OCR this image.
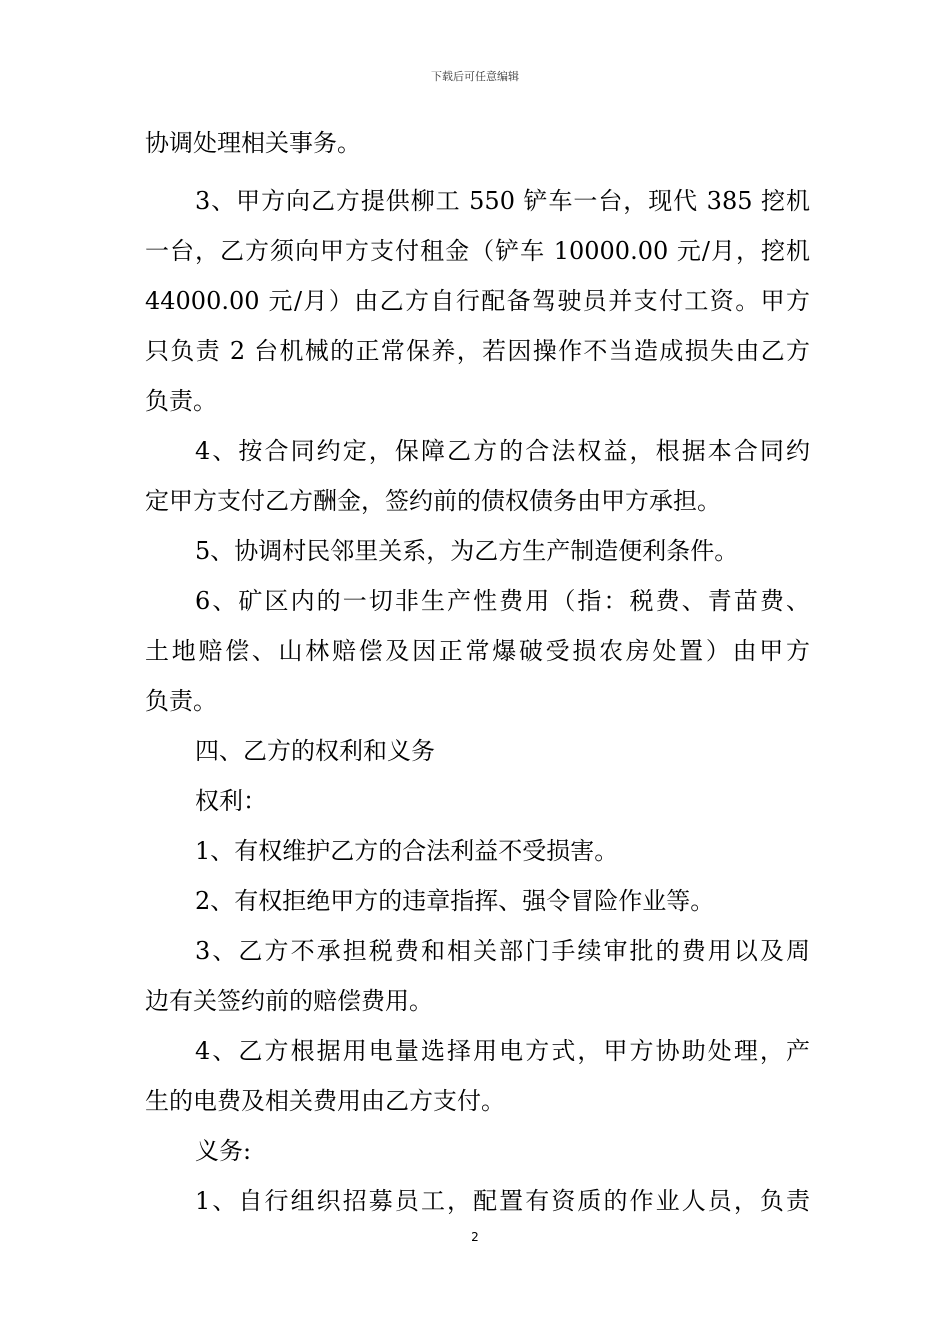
下载后可任意编辑
协调处理相关事务。
3、甲方向乙方提供柳工 550 铲车一台，现代 385 挖机
一台，乙方须向甲方支付租金（铲车 10000.00 元/月，挖机
44000.00 元/月）由乙方自行配备驾驶员并支付工资。甲方
只负责 2 台机械的正常保养，若因操作不当造成损失由乙方
负责。
4、按合同约定，保障乙方的合法权益，根据本合同约
定甲方支付乙方酬金，签约前的债权债务由甲方承担。
5、协调村民邻里关系，为乙方生产制造便利条件。
6、矿区内的一切非生产性费用（指：税费、青苗费、
土地赔偿、山林赔偿及因正常爆破受损农房处置）由甲方
负责。
四、乙方的权利和义务
权利：
1、有权维护乙方的合法利益不受损害。
2、有权拒绝甲方的违章指挥、强令冒险作业等。
3、乙方不承担税费和相关部门手续审批的费用以及周
边有关签约前的赔偿费用。
4、乙方根据用电量选择用电方式，甲方协助处理，产
生的电费及相关费用由乙方支付。
义务:
1、自行组织招募员工，配置有资质的作业人员，负责
2
